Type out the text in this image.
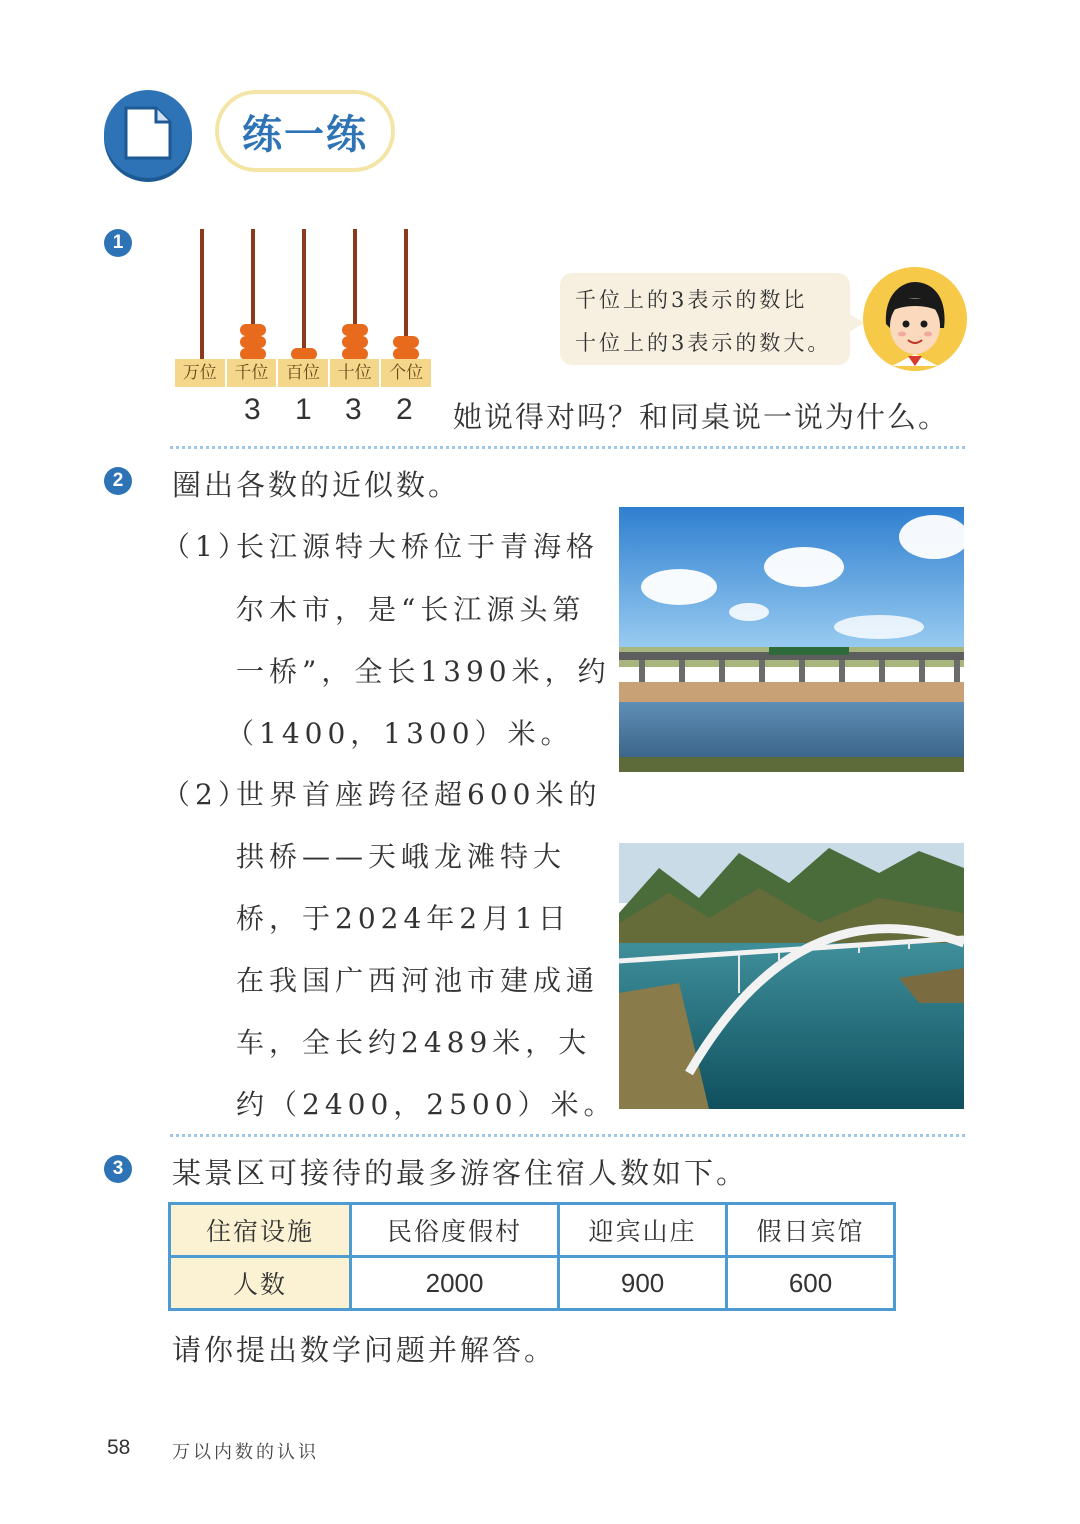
练一练
1
万位	千位	百位	十位	个位
3 1 3 2
千位上的3表示的数比
十位上的3表示的数大。
她说得对吗？和同桌说一说为什么。
2	圈出各数的近似数。
（1）
长江源特大桥位于青海格
尔木市，是“长江源头第
一桥”，全长1390米，约
（1400，1300）米。
（2）
世界首座跨径超600米的
拱桥——天峨龙滩特大
桥，于2024年2月1日
在我国广西河池市建成通
车，全长约2489米，大
约（2400，2500）米。
3	某景区可接待的最多游客住宿人数如下。
住宿设施	民俗度假村	迎宾山庄	假日宾馆
人数	2000	900	600
请你提出数学问题并解答。
58 万以内数的认识
